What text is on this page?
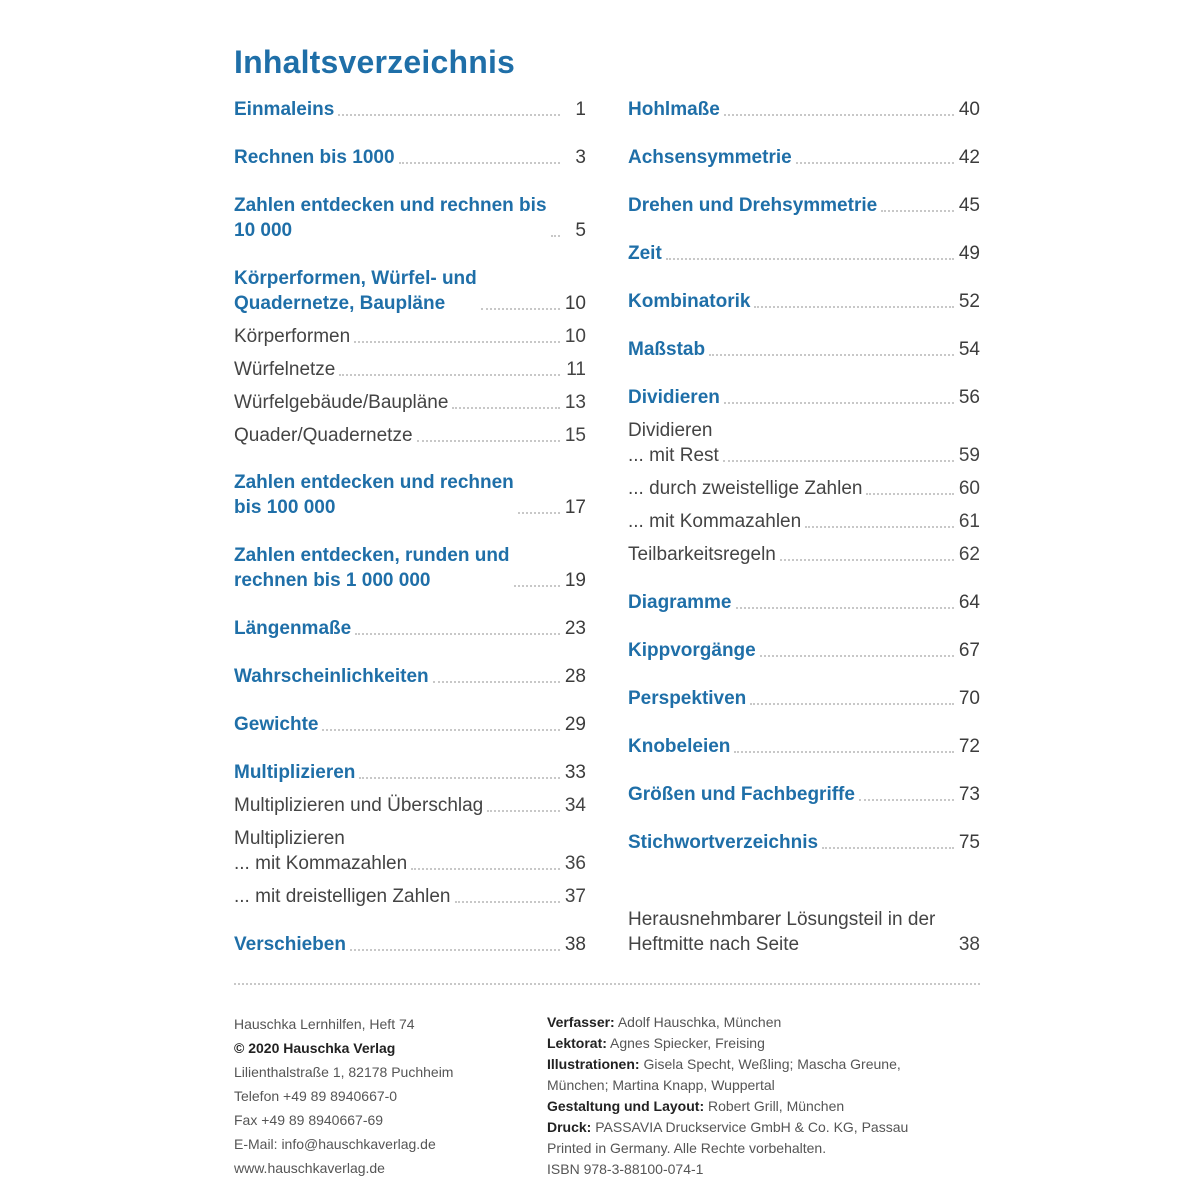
Inhaltsverzeichnis
Einmaleins	1
Rechnen bis 1000	3
Zahlen entdecken und rechnen bis
10 000	5
Körperformen, Würfel- und
Quadernetze, Baupläne	10
Körperformen	10
Würfelnetze	11
Würfelgebäude/Baupläne	13
Quader/Quadernetze	15
Zahlen entdecken und rechnen
bis 100 000	17
Zahlen entdecken, runden und
rechnen bis 1 000 000	19
Längenmaße	23
Wahrscheinlichkeiten	28
Gewichte	29
Multiplizieren	33
Multiplizieren und Überschlag	34
Multiplizieren
... mit Kommazahlen	36
... mit dreistelligen Zahlen	37
Verschieben	38
Hohlmaße	40
Achsensymmetrie	42
Drehen und Drehsymmetrie	45
Zeit	49
Kombinatorik	52
Maßstab	54
Dividieren	56
Dividieren
... mit Rest	59
... durch zweistellige Zahlen	60
... mit Kommazahlen	61
Teilbarkeitsregeln	62
Diagramme	64
Kippvorgänge	67
Perspektiven	70
Knobeleien	72
Größen und Fachbegriffe	73
Stichwortverzeichnis	75
Herausnehmbarer Lösungsteil in der
Heftmitte nach Seite	38
Hauschka Lernhilfen, Heft 74
© 2020 Hauschka Verlag
Lilienthalstraße 1, 82178 Puchheim
Telefon +49 89 8940667-0
Fax +49 89 8940667-69
E-Mail: info@hauschkaverlag.de
www.hauschkaverlag.de
Verfasser: Adolf Hauschka, München
Lektorat: Agnes Spiecker, Freising
Illustrationen: Gisela Specht, Weßling; Mascha Greune,
München; Martina Knapp, Wuppertal
Gestaltung und Layout: Robert Grill, München
Druck: PASSAVIA Druckservice GmbH & Co. KG, Passau
Printed in Germany. Alle Rechte vorbehalten.
ISBN 978-3-88100-074-1
